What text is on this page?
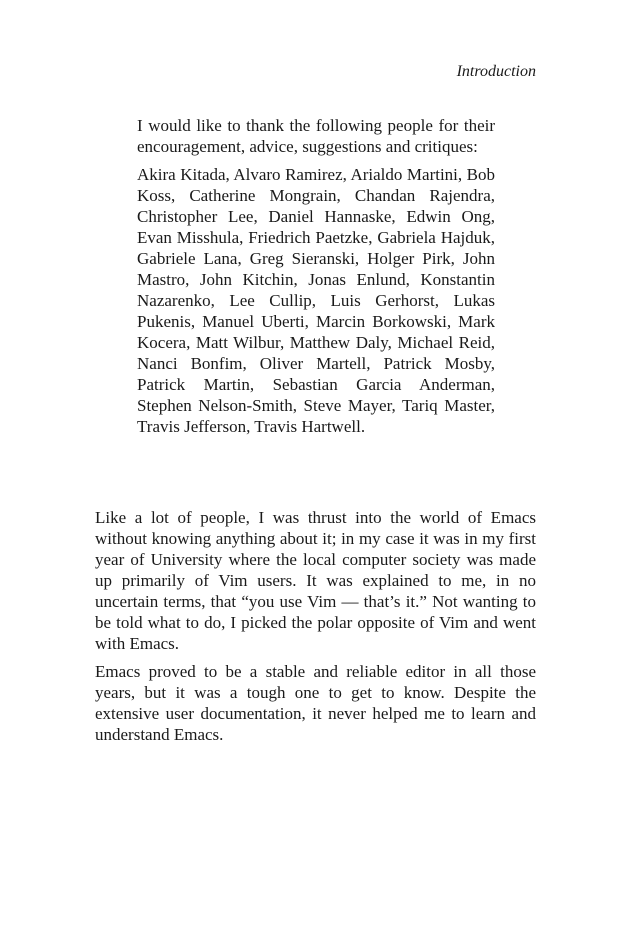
Introduction

I would like to thank the following people for their encouragement, advice, suggestions and critiques:

Akira Kitada, Alvaro Ramirez, Arialdo Martini, Bob Koss, Catherine Mongrain, Chandan Rajendra, Christopher Lee, Daniel Hannaske, Edwin Ong, Evan Misshula, Friedrich Paetzke, Gabriela Hajduk, Gabriele Lana, Greg Sieranski, Holger Pirk, John Mastro, John Kitchin, Jonas Enlund, Konstantin Nazarenko, Lee Cullip, Luis Gerhorst, Lukas Pukenis, Manuel Uberti, Marcin Borkowski, Mark Kocera, Matt Wilbur, Matthew Daly, Michael Reid, Nanci Bonfim, Oliver Martell, Patrick Mosby, Patrick Martin, Sebastian Garcia Anderman, Stephen Nelson-Smith, Steve Mayer, Tariq Master, Travis Jefferson, Travis Hartwell.

Like a lot of people, I was thrust into the world of Emacs without knowing anything about it; in my case it was in my first year of University where the local computer society was made up primarily of Vim users. It was explained to me, in no uncertain terms, that “you use Vim — that’s it.” Not wanting to be told what to do, I picked the polar opposite of Vim and went with Emacs.

Emacs proved to be a stable and reliable editor in all those years, but it was a tough one to get to know. Despite the extensive user documentation, it never helped me to learn and understand Emacs.
